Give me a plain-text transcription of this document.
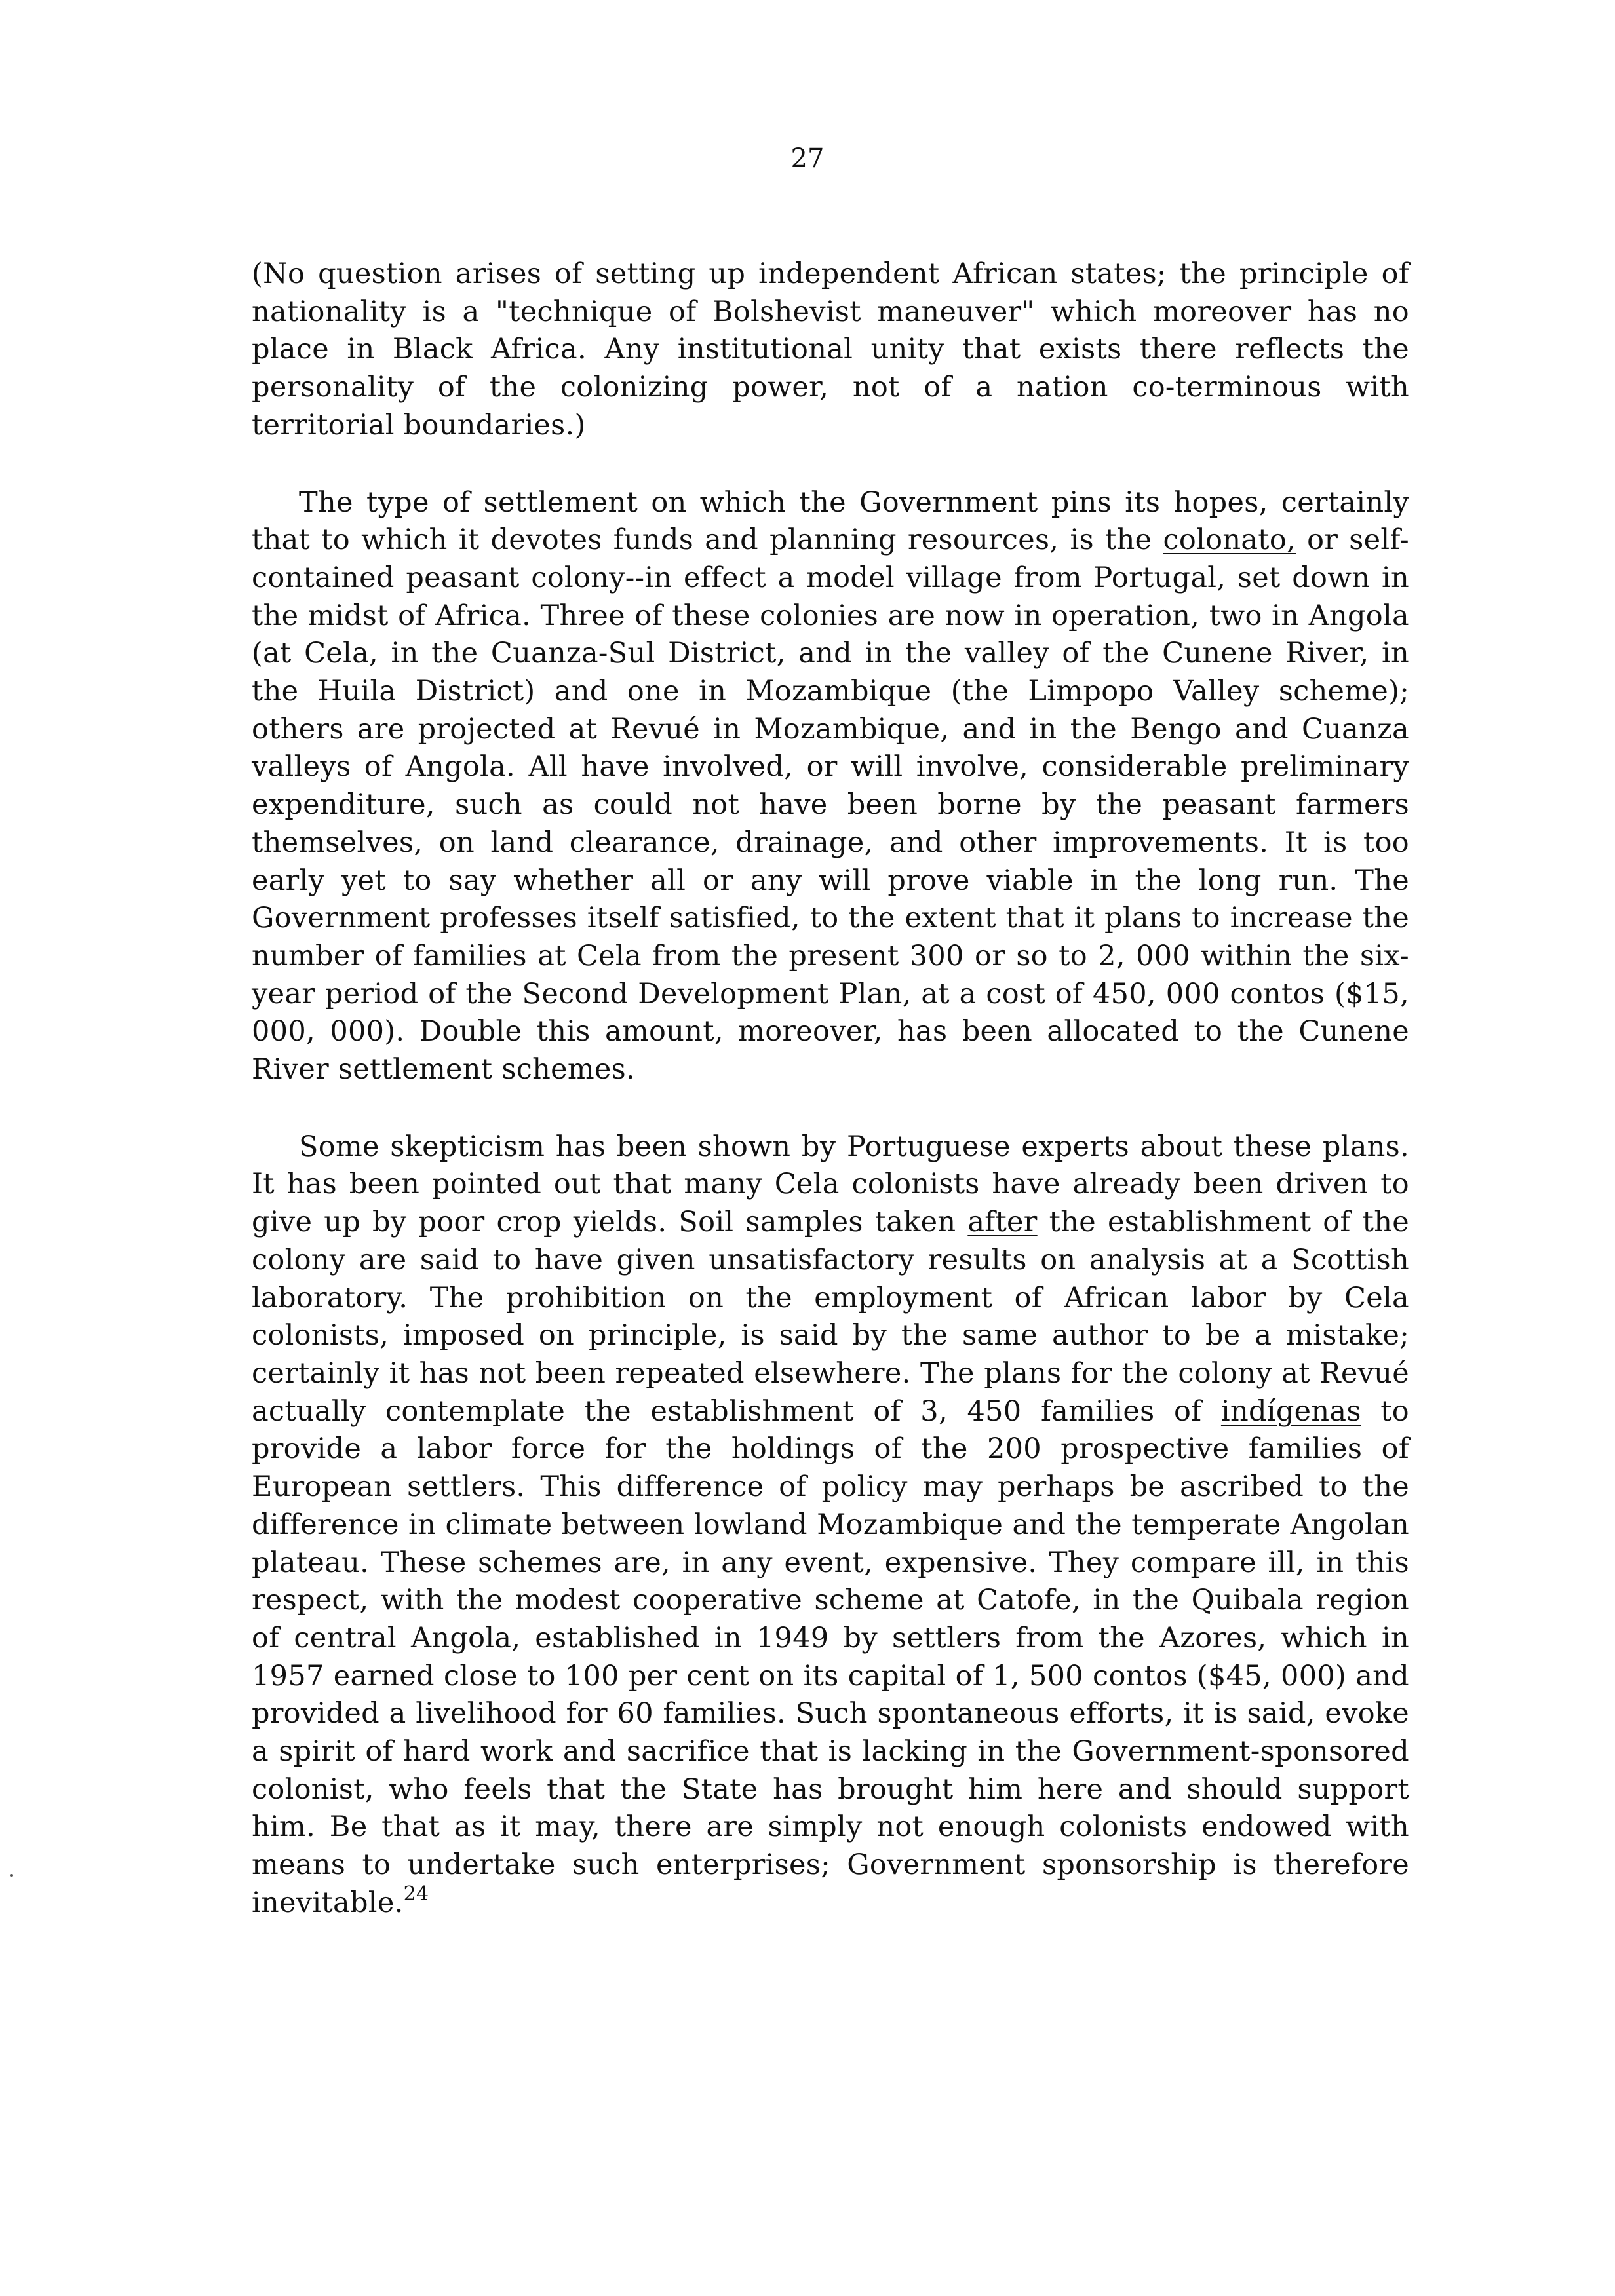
27

(No question arises of setting up independent African states; the principle of nationality is a "technique of Bolshevist maneuver" which moreover has no place in Black Africa. Any institutional unity that exists there reflects the personality of the colonizing power, not of a nation co-terminous with territorial boundaries.)

The type of settlement on which the Government pins its hopes, certainly that to which it devotes funds and planning resources, is the colonato, or self-contained peasant colony--in effect a model village from Portugal, set down in the midst of Africa. Three of these colonies are now in operation, two in Angola (at Cela, in the Cuanza-Sul District, and in the valley of the Cunene River, in the Huila District) and one in Mozambique (the Limpopo Valley scheme); others are projected at Revué in Mozambique, and in the Bengo and Cuanza valleys of Angola. All have involved, or will involve, considerable preliminary expenditure, such as could not have been borne by the peasant farmers themselves, on land clearance, drainage, and other improvements. It is too early yet to say whether all or any will prove viable in the long run. The Government professes itself satisfied, to the extent that it plans to increase the number of families at Cela from the present 300 or so to 2, 000 within the six-year period of the Second Development Plan, at a cost of 450, 000 contos ($15, 000, 000). Double this amount, moreover, has been allocated to the Cunene River settlement schemes.

Some skepticism has been shown by Portuguese experts about these plans. It has been pointed out that many Cela colonists have already been driven to give up by poor crop yields. Soil samples taken after the establishment of the colony are said to have given unsatisfactory results on analysis at a Scottish laboratory. The prohibition on the employment of African labor by Cela colonists, imposed on principle, is said by the same author to be a mistake; certainly it has not been repeated elsewhere. The plans for the colony at Revué actually contemplate the establishment of 3, 450 families of indígenas to provide a labor force for the holdings of the 200 prospective families of European settlers. This difference of policy may perhaps be ascribed to the difference in climate between lowland Mozambique and the temperate Angolan plateau. These schemes are, in any event, expensive. They compare ill, in this respect, with the modest cooperative scheme at Catofe, in the Quibala region of central Angola, established in 1949 by settlers from the Azores, which in 1957 earned close to 100 per cent on its capital of 1, 500 contos ($45, 000) and provided a livelihood for 60 families. Such spontaneous efforts, it is said, evoke a spirit of hard work and sacrifice that is lacking in the Government-sponsored colonist, who feels that the State has brought him here and should support him. Be that as it may, there are simply not enough colonists endowed with means to undertake such enterprises; Government sponsorship is therefore inevitable.$^{24}$
